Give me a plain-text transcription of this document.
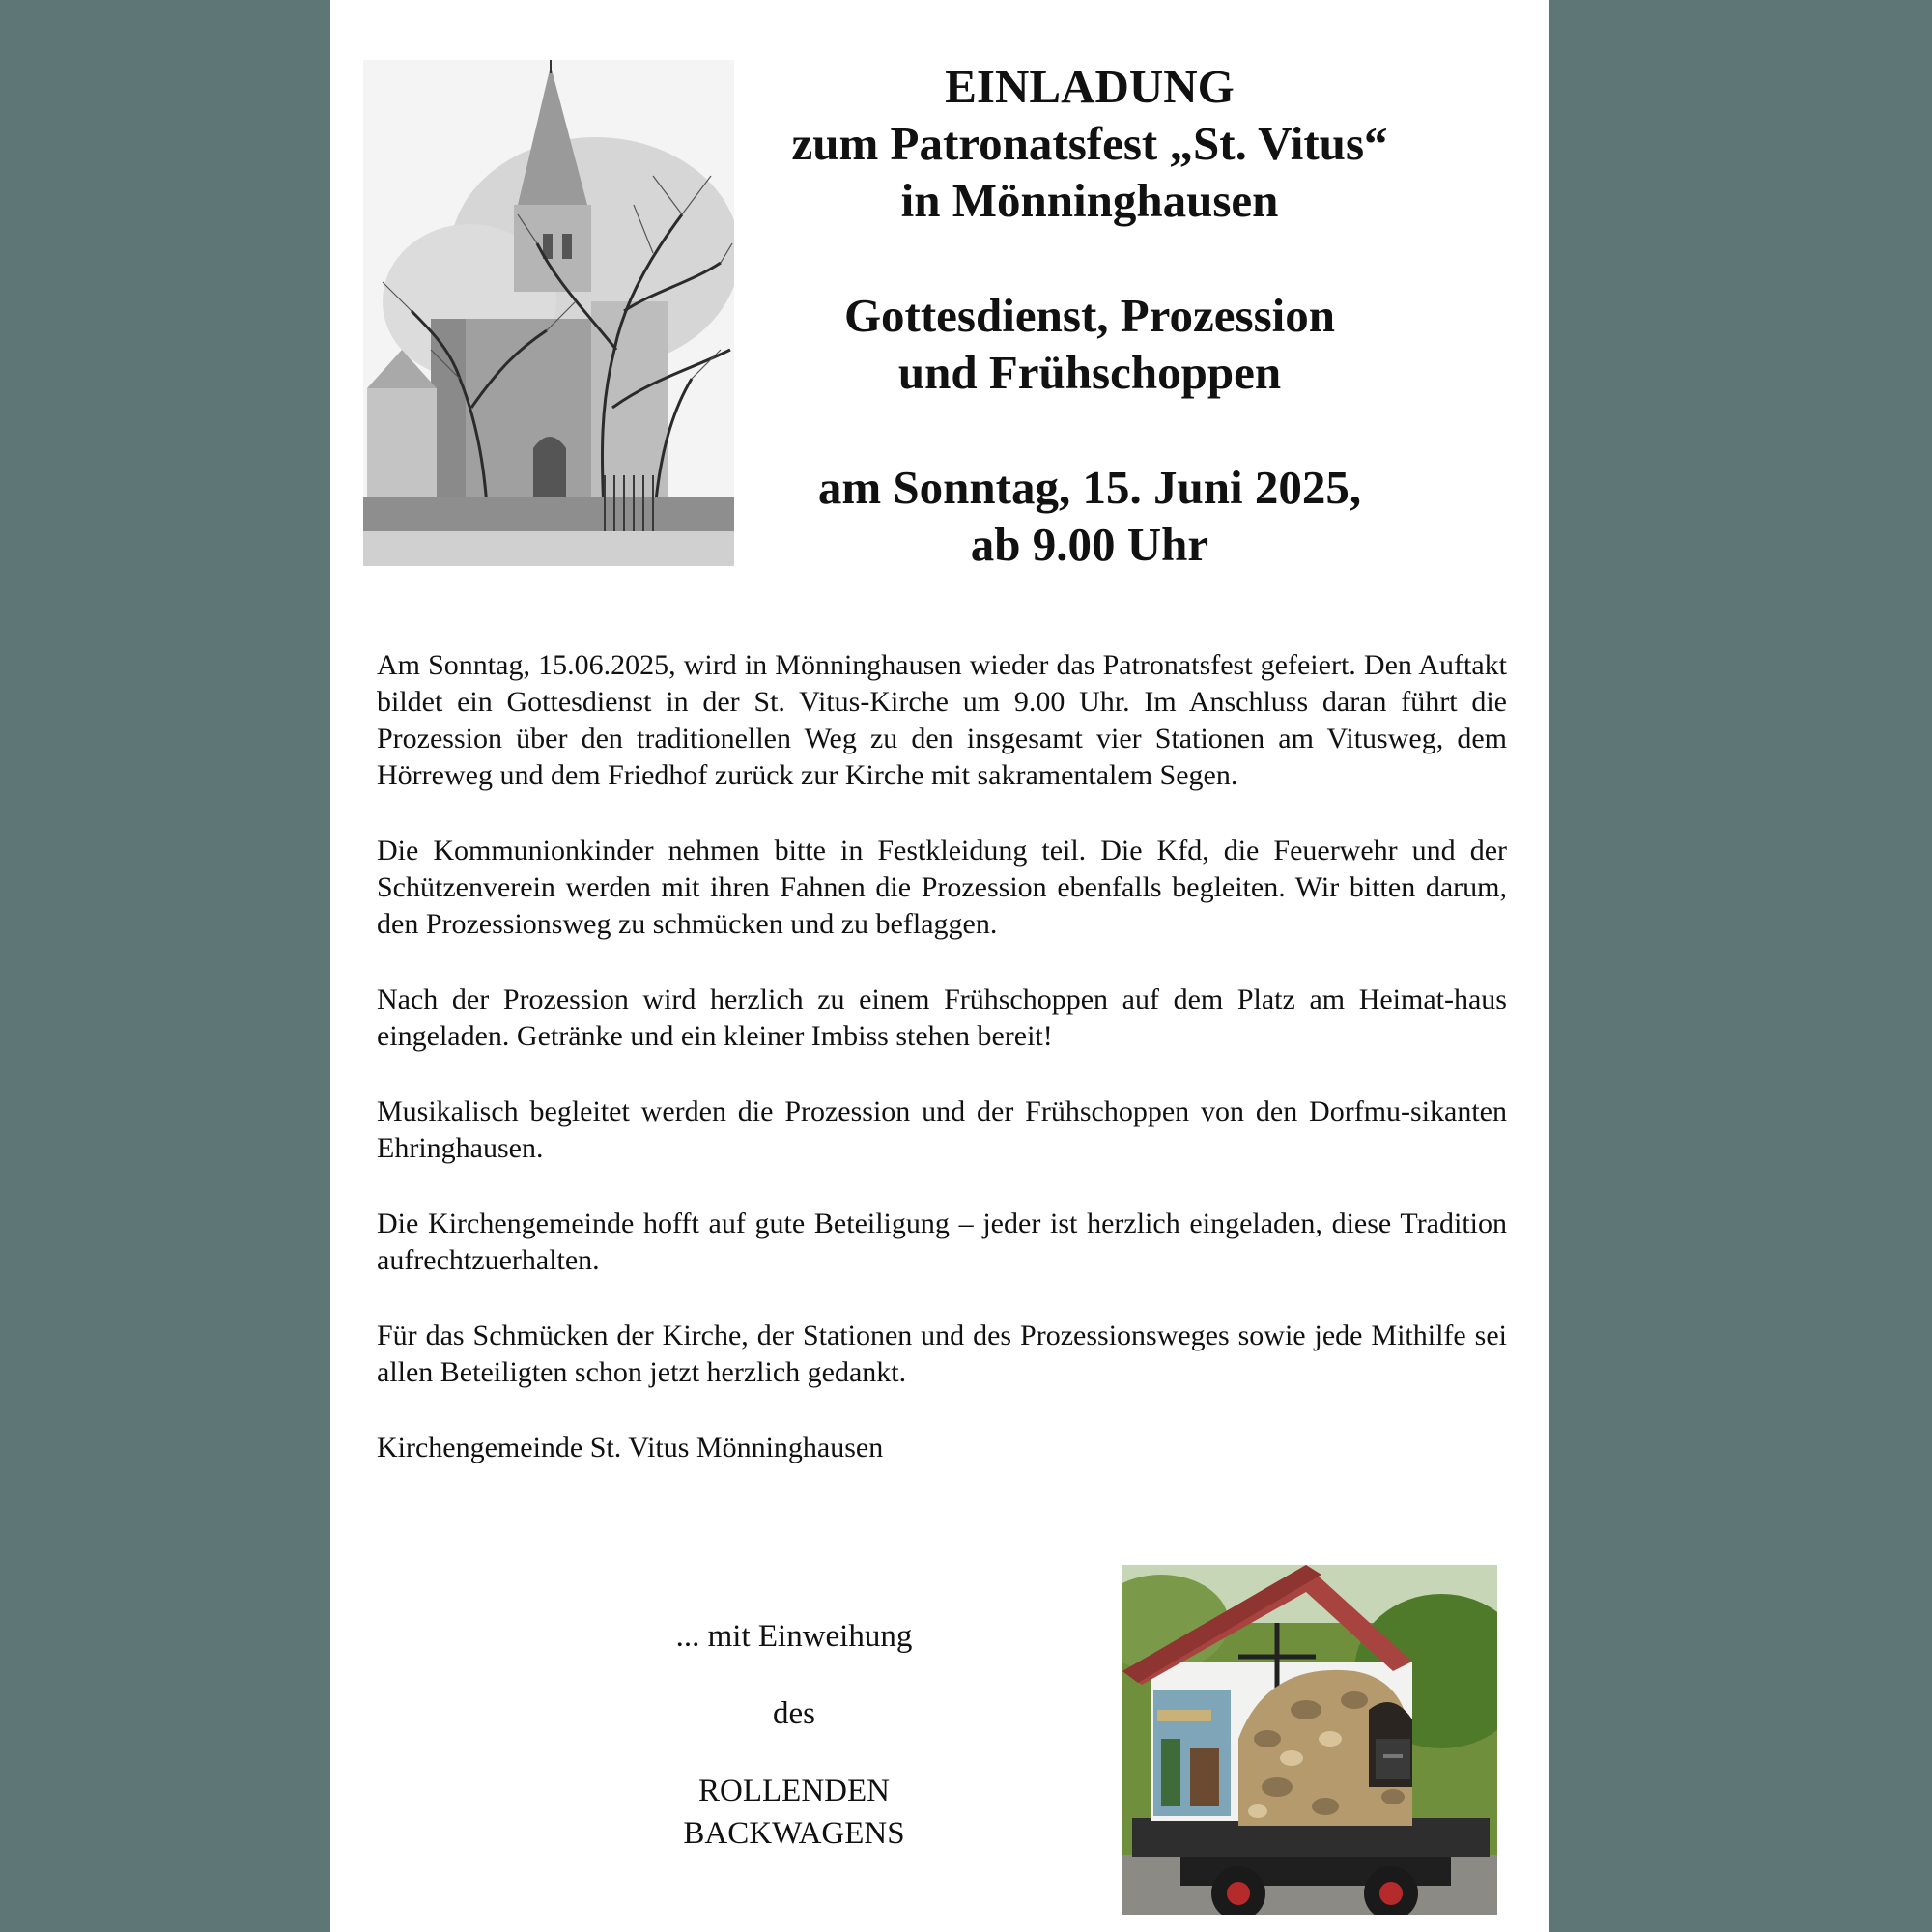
EINLADUNG
zum Patronatsfest „St. Vitus“
in Mönninghausen
Gottesdienst, Prozession
und Frühschoppen
am Sonntag, 15. Juni 2025,
ab 9.00 Uhr

Am Sonntag, 15.06.2025, wird in Mönninghausen wieder das Patronatsfest gefeiert. Den Auftakt bildet ein Gottesdienst in der St. Vitus-Kirche um 9.00 Uhr. Im Anschluss daran führt die Prozession über den traditionellen Weg zu den insgesamt vier Stationen am Vitusweg, dem Hörreweg und dem Friedhof zurück zur Kirche mit sakramentalem Segen.

Die Kommunionkinder nehmen bitte in Festkleidung teil. Die Kfd, die Feuerwehr und der Schützenverein werden mit ihren Fahnen die Prozession ebenfalls begleiten. Wir bitten darum, den Prozessionsweg zu schmücken und zu beflaggen.

Nach der Prozession wird herzlich zu einem Frühschoppen auf dem Platz am Heimat-haus eingeladen. Getränke und ein kleiner Imbiss stehen bereit!

Musikalisch begleitet werden die Prozession und der Frühschoppen von den Dorfmu-sikanten Ehringhausen.

Die Kirchengemeinde hofft auf gute Beteiligung – jeder ist herzlich eingeladen, diese Tradition aufrechtzuerhalten.

Für das Schmücken der Kirche, der Stationen und des Prozessionsweges sowie jede Mithilfe sei allen Beteiligten schon jetzt herzlich gedankt.

Kirchengemeinde St. Vitus Mönninghausen

... mit Einweihung
des
ROLLENDEN
BACKWAGENS
